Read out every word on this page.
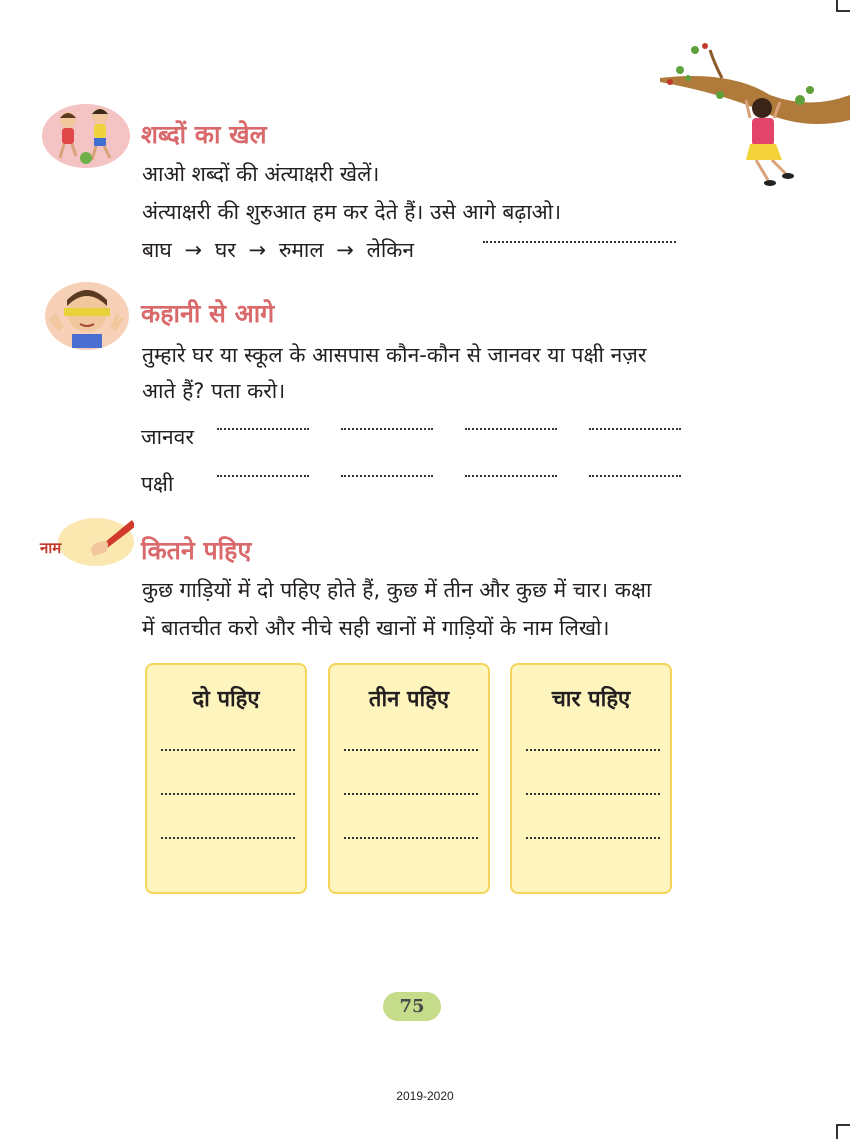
शब्दों का खेल
आओ शब्दों की अंत्याक्षरी खेलें।
अंत्याक्षरी की शुरुआत हम कर देते हैं। उसे आगे बढ़ाओ।
बाघ → घर → रुमाल → लेकिन
कहानी से आगे
तुम्हारे घर या स्कूल के आसपास कौन-कौन से जानवर या पक्षी नज़र
आते हैं? पता करो।
जानवर
पक्षी
नाम	कितने पहिए
कुछ गाड़ियों में दो पहिए होते हैं, कुछ में तीन और कुछ में चार। कक्षा
में बातचीत करो और नीचे सही खानों में गाड़ियों के नाम लिखो।
दो पहिए	तीन पहिए	चार पहिए
75
2019-2020
